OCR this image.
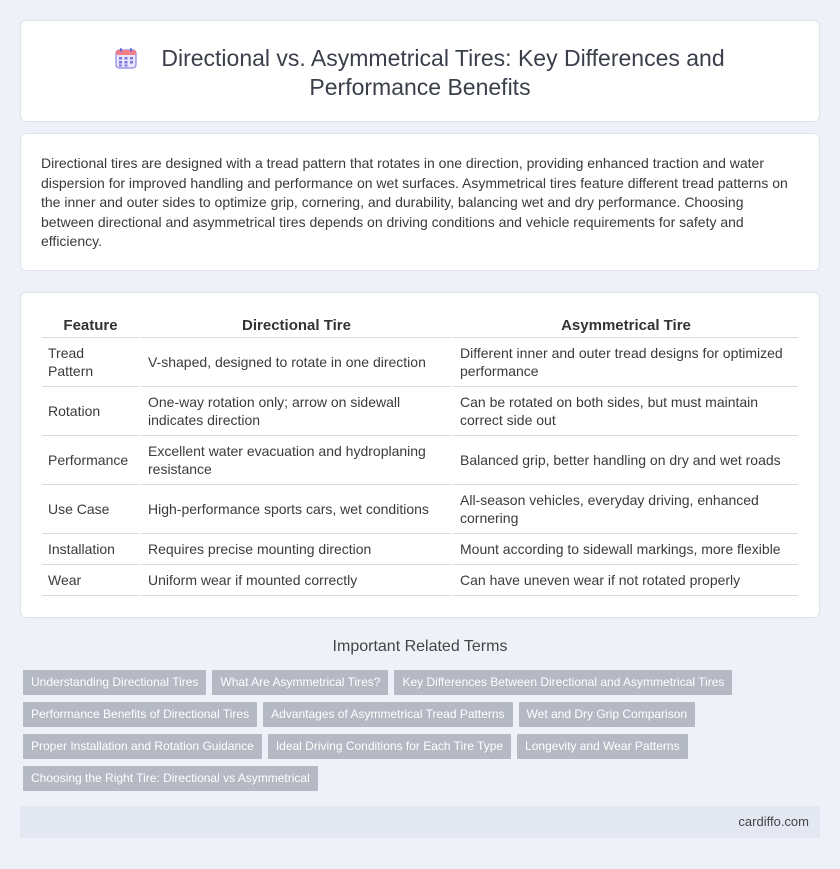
Directional vs. Asymmetrical Tires: Key Differences and
Performance Benefits

Directional tires are designed with a tread pattern that rotates in one direction, providing enhanced traction and water dispersion for improved handling and performance on wet surfaces. Asymmetrical tires feature different tread patterns on the inner and outer sides to optimize grip, cornering, and durability, balancing wet and dry performance. Choosing between directional and asymmetrical tires depends on driving conditions and vehicle requirements for safety and efficiency.

Feature	Directional Tire	Asymmetrical Tire
Tread Pattern	V-shaped, designed to rotate in one direction	Different inner and outer tread designs for optimized performance
Rotation	One-way rotation only; arrow on sidewall indicates direction	Can be rotated on both sides, but must maintain correct side out
Performance	Excellent water evacuation and hydroplaning resistance	Balanced grip, better handling on dry and wet roads
Use Case	High-performance sports cars, wet conditions	All-season vehicles, everyday driving, enhanced cornering
Installation	Requires precise mounting direction	Mount according to sidewall markings, more flexible
Wear	Uniform wear if mounted correctly	Can have uneven wear if not rotated properly
Important Related Terms
Understanding Directional Tires What Are Asymmetrical Tires? Key Differences Between Directional and Asymmetrical Tires
Performance Benefits of Directional Tires Advantages of Asymmetrical Tread Patterns Wet and Dry Grip Comparison
Proper Installation and Rotation Guidance Ideal Driving Conditions for Each Tire Type Longevity and Wear Patterns
Choosing the Right Tire: Directional vs Asymmetrical
cardiffo.com
